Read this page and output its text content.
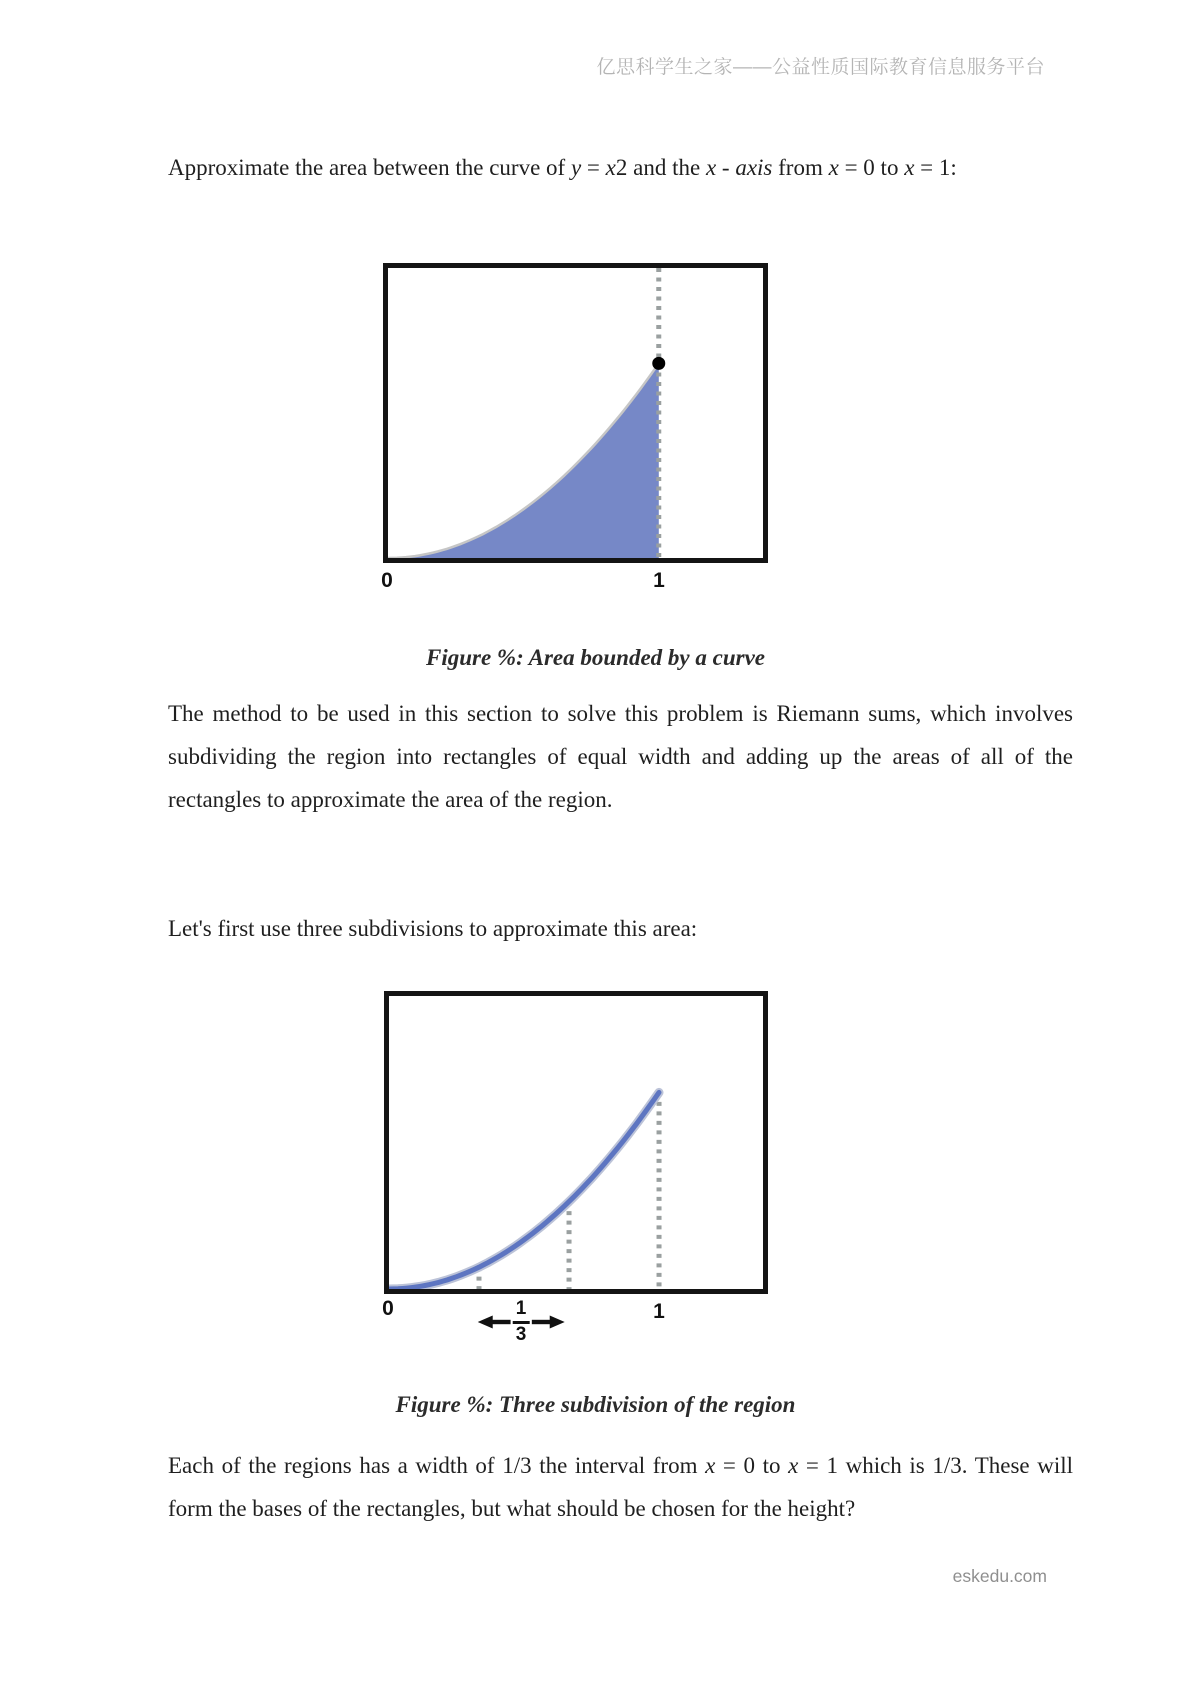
亿思科学生之家——公益性质国际教育信息服务平台

Approximate the area between the curve of y = x2 and the x - axis from x = 0 to x = 1:

0	1
Figure %: Area bounded by a curve

The method to be used in this section to solve this problem is Riemann sums, which involves subdividing the region into rectangles of equal width and adding up the areas of all of the rectangles to approximate the area of the region.

Let's first use three subdivisions to approximate this area:

0	1
$\frac{1}{3}$
Figure %: Three subdivision of the region

Each of the regions has a width of 1/3 the interval from x = 0 to x = 1 which is 1/3. These will form the bases of the rectangles, but what should be chosen for the height?

eskedu.com
